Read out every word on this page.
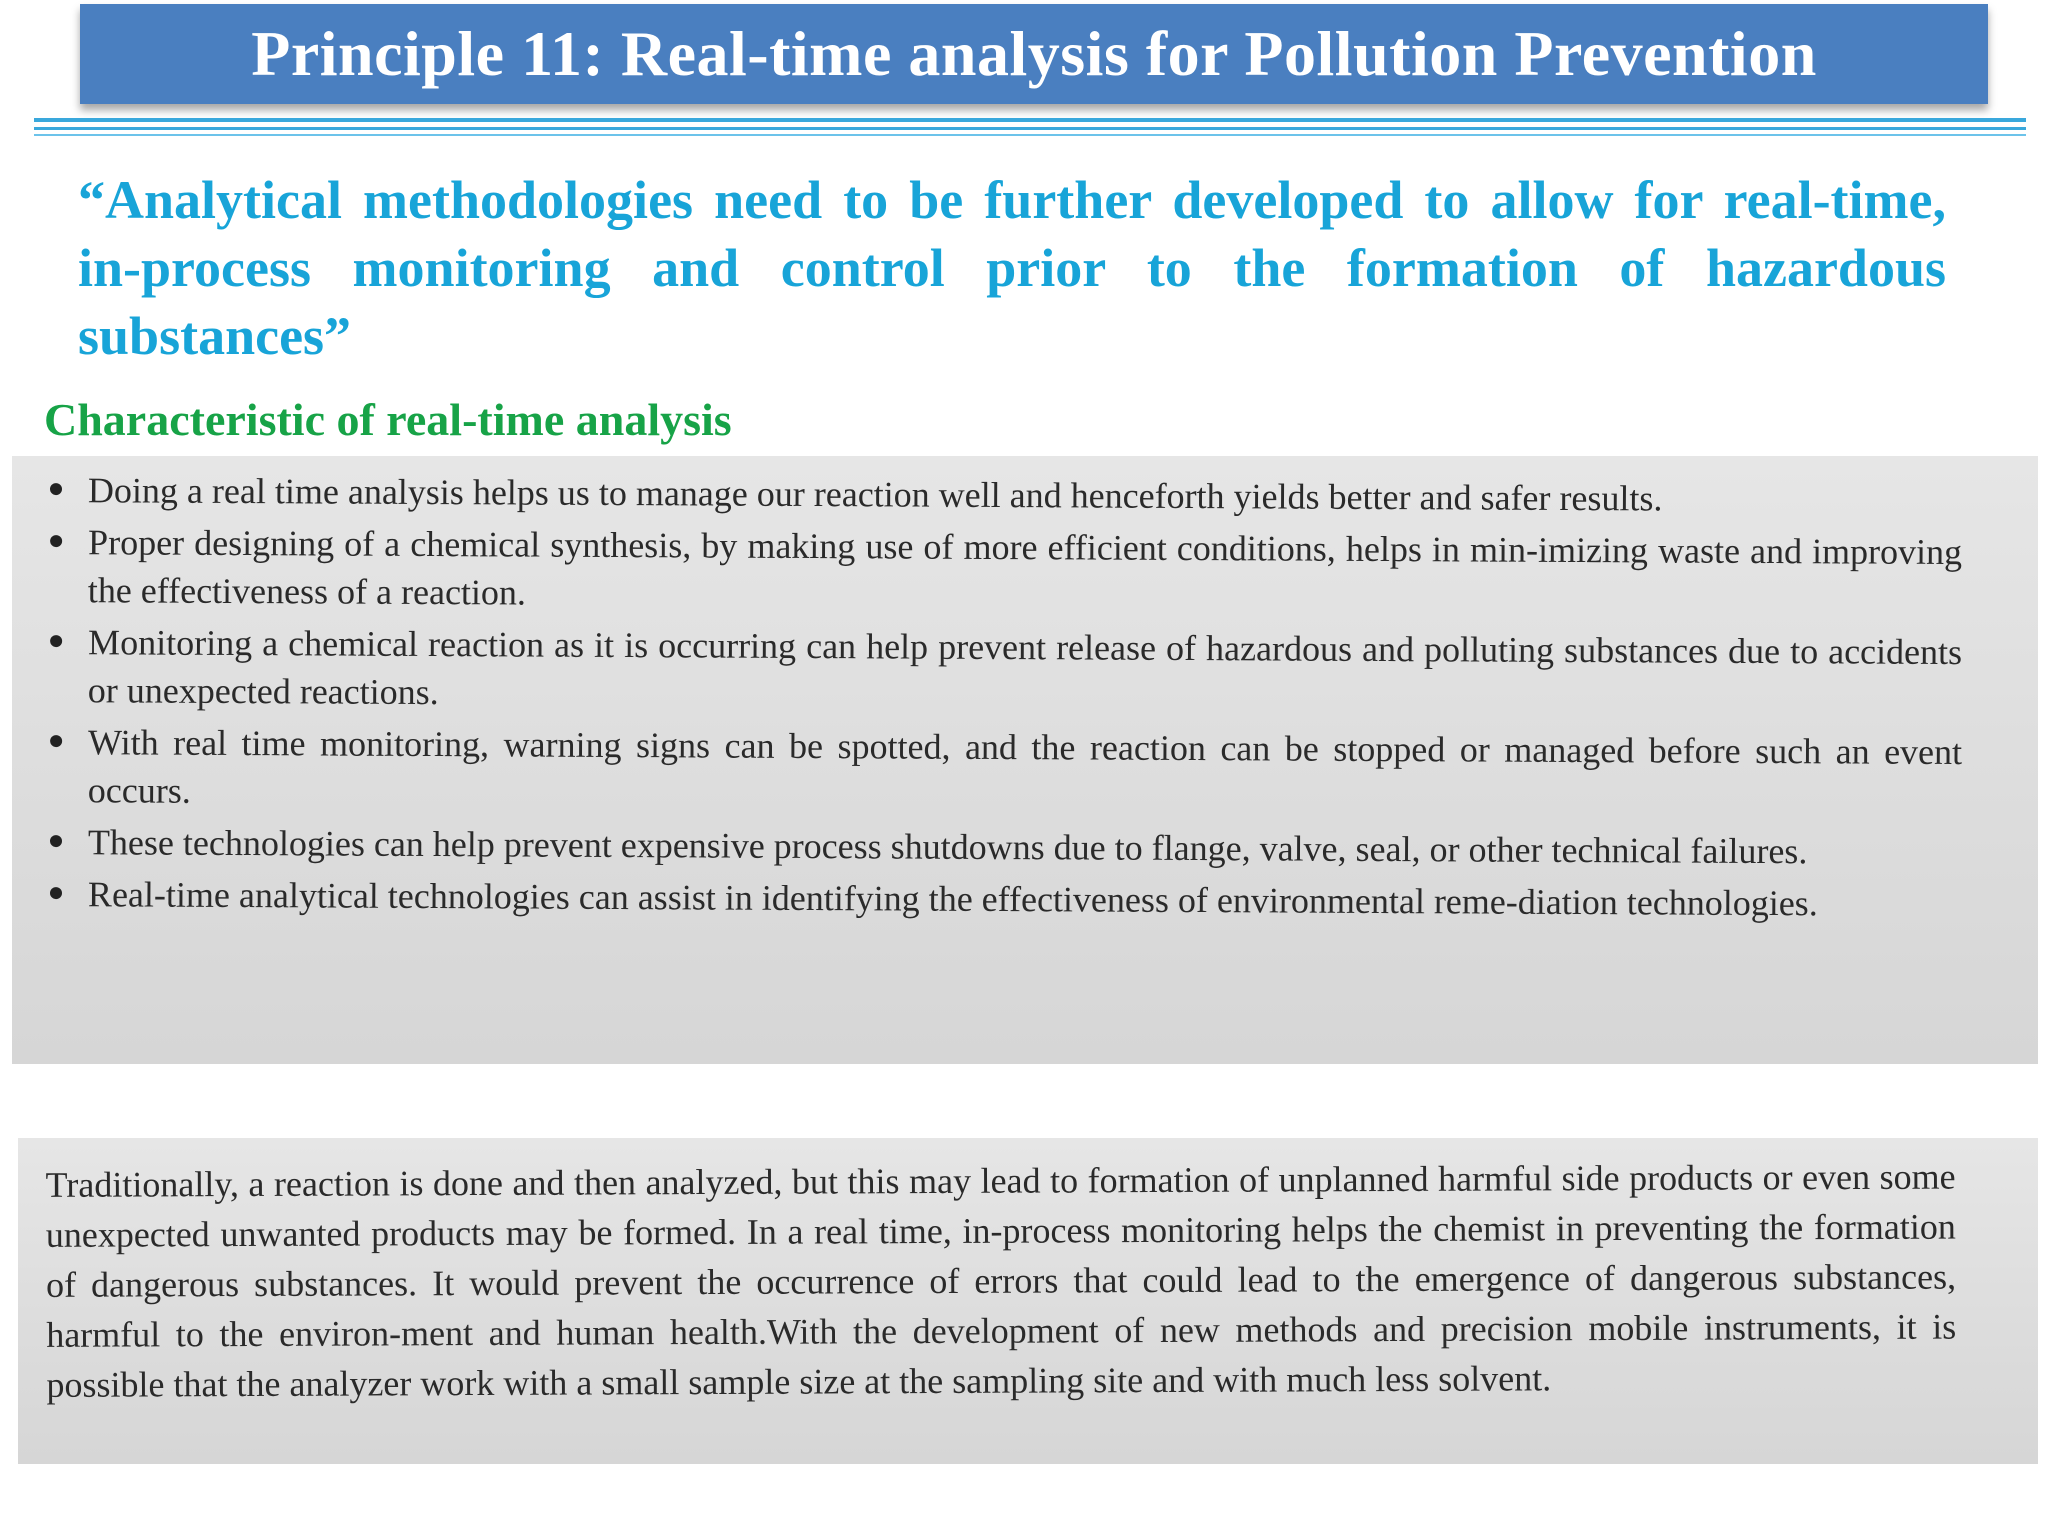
Principle 11: Real-time analysis for Pollution Prevention
“Analytical methodologies need to be further developed to allow for real-time, in-process monitoring and control prior to the formation of hazardous substances”
Characteristic of real-time analysis
Doing a real time analysis helps us to manage our reaction well and henceforth yields better and safer results.
Proper designing of a chemical synthesis, by making use of more efficient conditions, helps in min-imizing waste and improving the effectiveness of a reaction.
Monitoring a chemical reaction as it is occurring can help prevent release of hazardous and polluting substances due to accidents or unexpected reactions.
With real time monitoring, warning signs can be spotted, and the reaction can be stopped or managed before such an event occurs.
These technologies can help prevent expensive process shutdowns due to flange, valve, seal, or other technical failures.
Real-time analytical technologies can assist in identifying the effectiveness of environmental reme-diation technologies.

Traditionally, a reaction is done and then analyzed, but this may lead to formation of unplanned harmful side products or even some unexpected unwanted products may be formed. In a real time, in-process monitoring helps the chemist in preventing the formation of dangerous substances. It would prevent the occurrence of errors that could lead to the emergence of dangerous substances, harmful to the environ-ment and human health.With the development of new methods and precision mobile instruments, it is possible that the analyzer work with a small sample size at the sampling site and with much less solvent.
